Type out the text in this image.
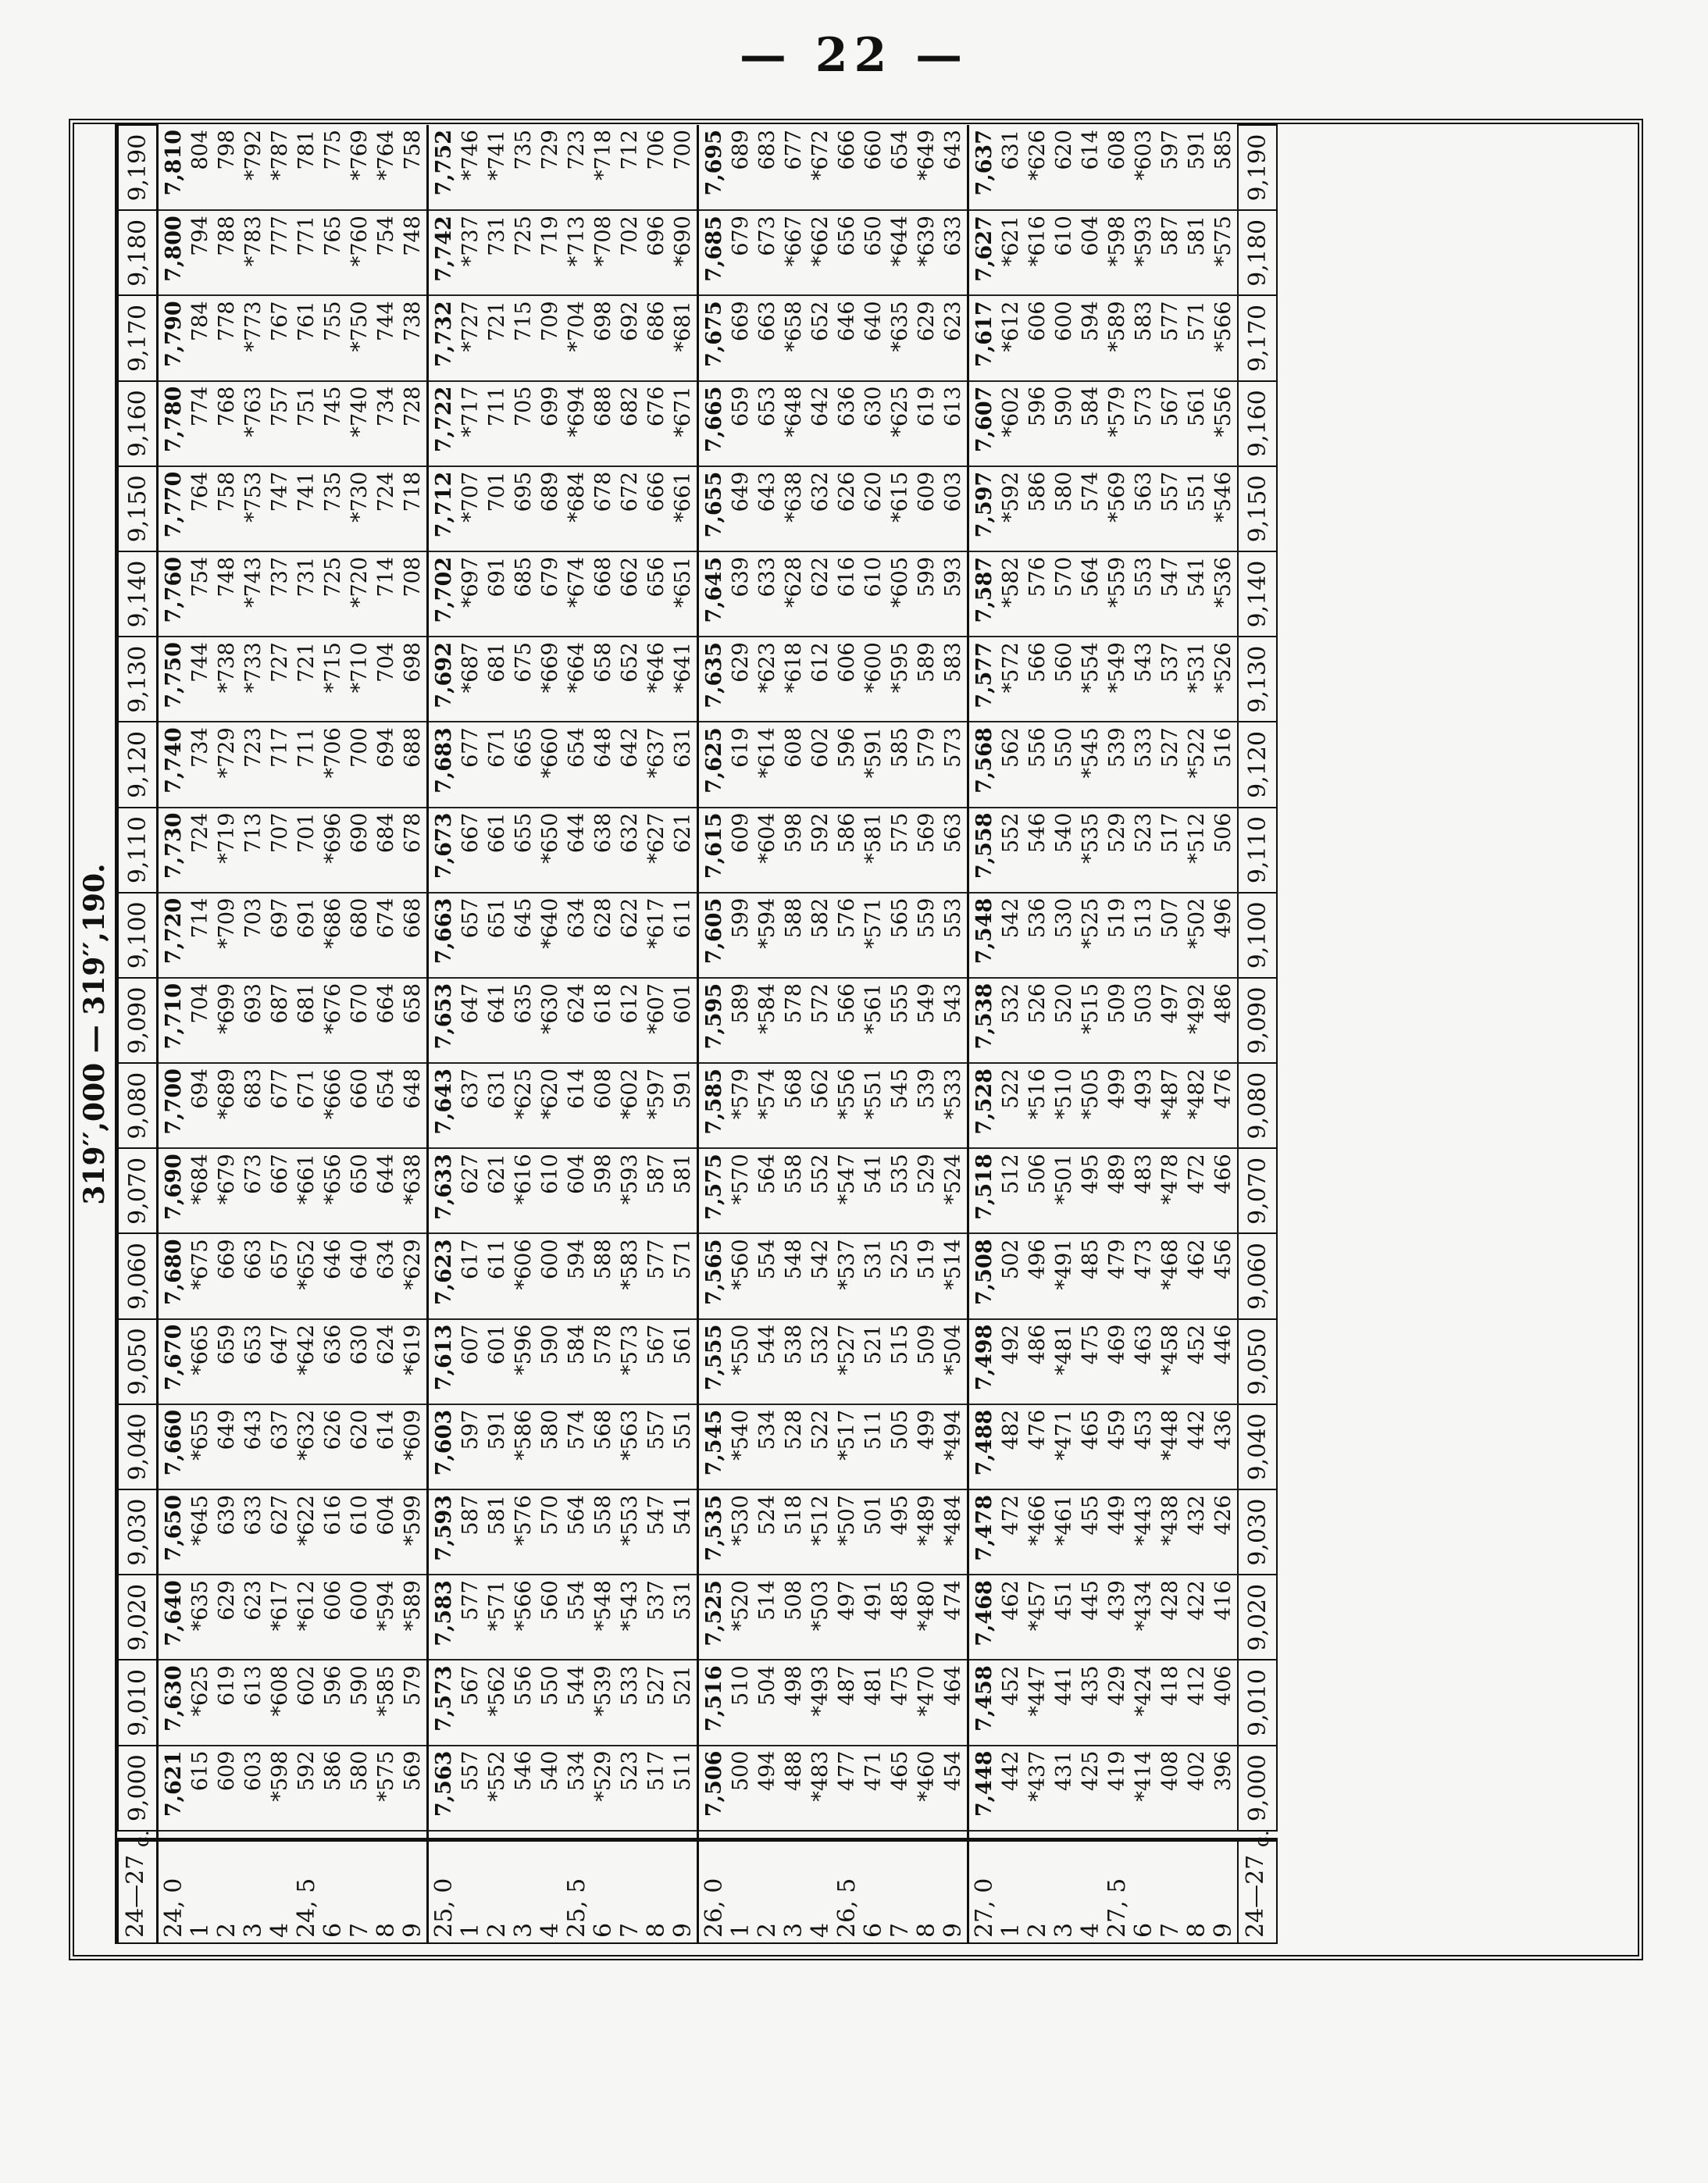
— 22 —
319′′,000 — 319′′,190.
24—27 $_{c.}$		9,000	9,010	9,020	9,030	9,040	9,050	9,060	9,070	9,080	9,090	9,100	9,110	9,120	9,130	9,140	9,150	9,160	9,170	9,180	9,190
24, 0		7,621	7,630	7,640	7,650	7,660	7,670	7,680	7,690	7,700	7,710	7,720	7,730	7,740	7,750	7,760	7,770	7,780	7,790	7,800	7,810
1		615	*625	*635	*645	*655	*665	*675	*684	694	704	714	724	734	744	754	764	774	784	794	804
2		609	619	629	639	649	659	669	*679	*689	*699	*709	*719	*729	*738	748	758	768	778	788	798
3		603	613	623	633	643	653	663	673	683	693	703	713	723	*733	*743	*753	*763	*773	*783	*792
4		*598	*608	*617	627	637	647	657	667	677	687	697	707	717	727	737	747	757	767	777	*787
24, 5		592	602	*612	*622	*632	*642	*652	*661	671	681	691	701	711	721	731	741	751	761	771	781
6		586	596	606	616	626	636	646	*656	*666	*676	*686	*696	*706	*715	725	735	745	755	765	775
7		580	590	600	610	620	630	640	650	660	670	680	690	700	*710	*720	*730	*740	*750	*760	*769
8		*575	*585	*594	604	614	624	634	644	654	664	674	684	694	704	714	724	734	744	754	*764
9		569	579	*589	*599	*609	*619	*629	*638	648	658	668	678	688	698	708	718	728	738	748	758
25, 0		7,563	7,573	7,583	7,593	7,603	7,613	7,623	7,633	7,643	7,653	7,663	7,673	7,683	7,692	7,702	7,712	7,722	7,732	7,742	7,752
1		557	567	577	587	597	607	617	627	637	647	657	667	677	*687	*697	*707	*717	*727	*737	*746
2		*552	*562	*571	581	591	601	611	621	631	641	651	661	671	681	691	701	711	721	731	*741
3		546	556	*566	*576	*586	*596	*606	*616	*625	635	645	655	665	675	685	695	705	715	725	735
4		540	550	560	570	580	590	600	610	*620	*630	*640	*650	*660	*669	679	689	699	709	719	729
25, 5		534	544	554	564	574	584	594	604	614	624	634	644	654	*664	*674	*684	*694	*704	*713	723
6		*529	*539	*548	558	568	578	588	598	608	618	628	638	648	658	668	678	688	698	*708	*718
7		523	533	*543	*553	*563	*573	*583	*593	*602	612	622	632	642	652	662	672	682	692	702	712
8		517	527	537	547	557	567	577	587	*597	*607	*617	*627	*637	*646	656	666	676	686	696	706
9		511	521	531	541	551	561	571	581	591	601	611	621	631	*641	*651	*661	*671	*681	*690	700
26, 0		7,506	7,516	7,525	7,535	7,545	7,555	7,565	7,575	7,585	7,595	7,605	7,615	7,625	7,635	7,645	7,655	7,665	7,675	7,685	7,695
1		500	510	*520	*530	*540	*550	*560	*570	*579	589	599	609	619	629	639	649	659	669	679	689
2		494	504	514	524	534	544	554	564	*574	*584	*594	*604	*614	*623	633	643	653	663	673	683
3		488	498	508	518	528	538	548	558	568	578	588	598	608	*618	*628	*638	*648	*658	*667	677
4		*483	*493	*503	*512	522	532	542	552	562	572	582	592	602	612	622	632	642	652	*662	*672
26, 5		477	487	497	*507	*517	*527	*537	*547	*556	566	576	586	596	606	616	626	636	646	656	666
6		471	481	491	501	511	521	531	541	*551	*561	*571	*581	*591	*600	610	620	630	640	650	660
7		465	475	485	495	505	515	525	535	545	555	565	575	585	*595	*605	*615	*625	*635	*644	654
8		*460	*470	*480	*489	499	509	519	529	539	549	559	569	579	589	599	609	619	629	*639	*649
9		454	464	474	*484	*494	*504	*514	*524	*533	543	553	563	573	583	593	603	613	623	633	643
27, 0		7,448	7,458	7,468	7,478	7,488	7,498	7,508	7,518	7,528	7,538	7,548	7,558	7,568	7,577	7,587	7,597	7,607	7,617	7,627	7,637
1		442	452	462	472	482	492	502	512	522	532	542	552	562	*572	*582	*592	*602	*612	*621	631
2		*437	*447	*457	*466	476	486	496	506	*516	526	536	546	556	566	576	586	596	606	*616	*626
3		431	441	451	*461	*471	*481	*491	*501	*510	520	530	540	550	560	570	580	590	600	610	620
4		425	435	445	455	465	475	485	495	*505	*515	*525	*535	*545	*554	564	574	584	594	604	614
27, 5		419	429	439	449	459	469	479	489	499	509	519	529	539	*549	*559	*569	*579	*589	*598	608
6		*414	*424	*434	*443	453	463	473	483	493	503	513	523	533	543	553	563	573	583	*593	*603
7		408	418	428	*438	*448	*458	*468	*478	*487	497	507	517	527	537	547	557	567	577	587	597
8		402	412	422	432	442	452	462	472	*482	*492	*502	*512	*522	*531	541	551	561	571	581	591
9		396	406	416	426	436	446	456	466	476	486	496	506	516	*526	*536	*546	*556	*566	*575	585
24—27 $_{c.}$		9,000	9,010	9,020	9,030	9,040	9,050	9,060	9,070	9,080	9,090	9,100	9,110	9,120	9,130	9,140	9,150	9,160	9,170	9,180	9,190
